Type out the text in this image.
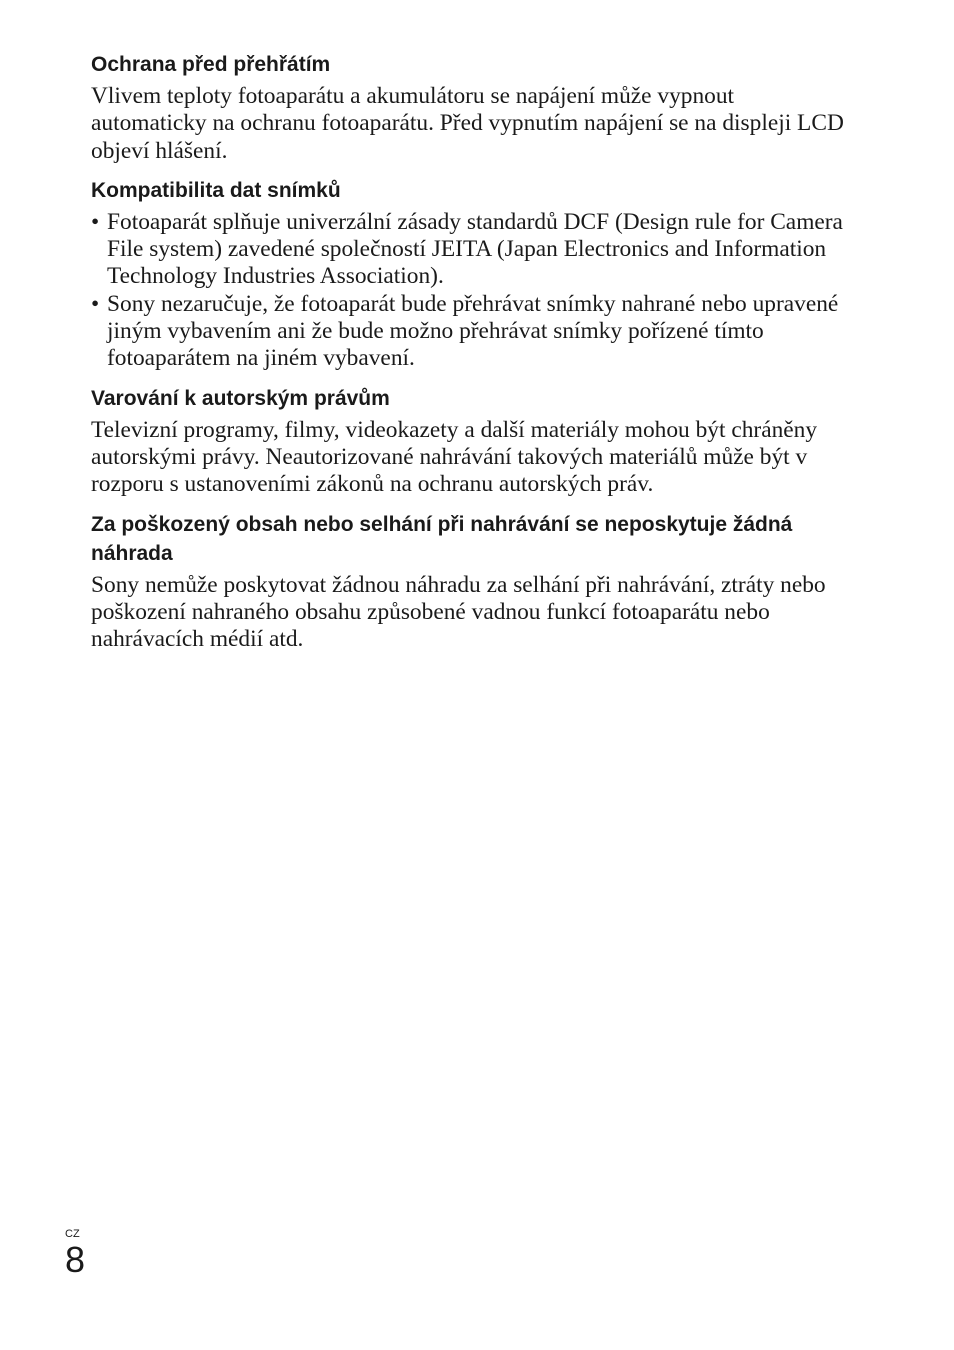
Ochrana před přehřátím

Vlivem teploty fotoaparátu a akumulátoru se napájení může vypnout automaticky na ochranu fotoaparátu. Před vypnutím napájení se na displeji LCD objeví hlášení.

Kompatibilita dat snímků
• Fotoaparát splňuje univerzální zásady standardů DCF (Design rule for Camera File system) zavedené společností JEITA (Japan Electronics and Information Technology Industries Association).
• Sony nezaručuje, že fotoaparát bude přehrávat snímky nahrané nebo upravené jiným vybavením ani že bude možno přehrávat snímky pořízené tímto fotoaparátem na jiném vybavení.
Varování k autorským právům

Televizní programy, filmy, videokazety a další materiály mohou být chráněny autorskými právy. Neautorizované nahrávání takových materiálů může být v rozporu s ustanoveními zákonů na ochranu autorských práv.

Za poškozený obsah nebo selhání při nahrávání se neposkytuje žádná náhrada

Sony nemůže poskytovat žádnou náhradu za selhání při nahrávání, ztráty nebo poškození nahraného obsahu způsobené vadnou funkcí fotoaparátu nebo nahrávacích médií atd.

CZ
8
